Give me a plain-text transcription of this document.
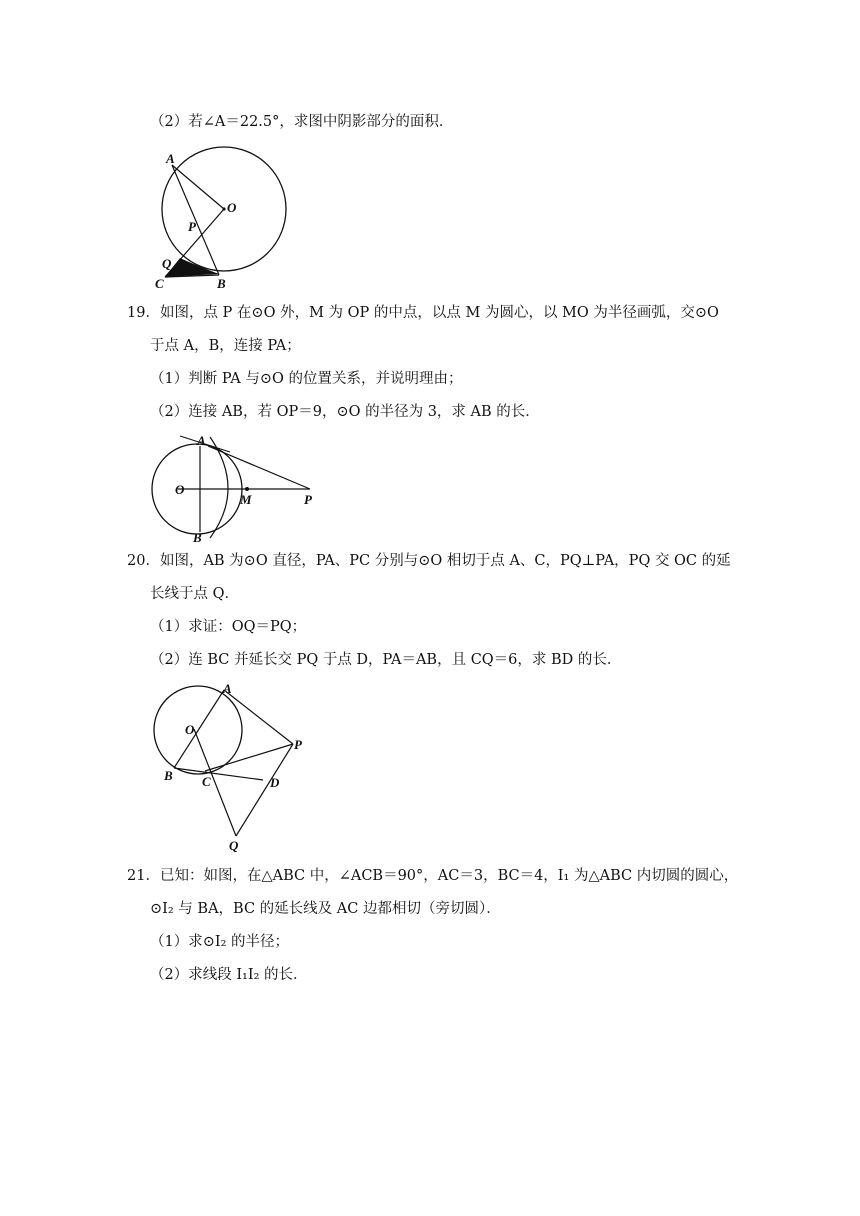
（2）若∠A＝22.5°，求图中阴影部分的面积．
A
O
P
Q
C	B
19．如图，点 P 在⊙O 外，M 为 OP 的中点，以点 M 为圆心，以 MO 为半径画弧，交⊙O
于点 A，B，连接 PA；
（1）判断 PA 与⊙O 的位置关系，并说明理由；
（2）连接 AB，若 OP＝9，⊙O 的半径为 3，求 AB 的长．
A
O
M	P
B
20．如图，AB 为⊙O 直径，PA、PC 分别与⊙O 相切于点 A、C，PQ⊥PA，PQ 交 OC 的延
长线于点 Q．
（1）求证：OQ＝PQ；
（2）连 BC 并延长交 PQ 于点 D，PA＝AB，且 CQ＝6，求 BD 的长．
A
O
P
B C	D
Q
21．已知：如图，在△ABC 中，∠ACB＝90°，AC＝3，BC＝4，I₁ 为△ABC 内切圆的圆心，
⊙I₂ 与 BA，BC 的延长线及 AC 边都相切（旁切圆）．
（1）求⊙I₂ 的半径；
（2）求线段 I₁I₂ 的长．
